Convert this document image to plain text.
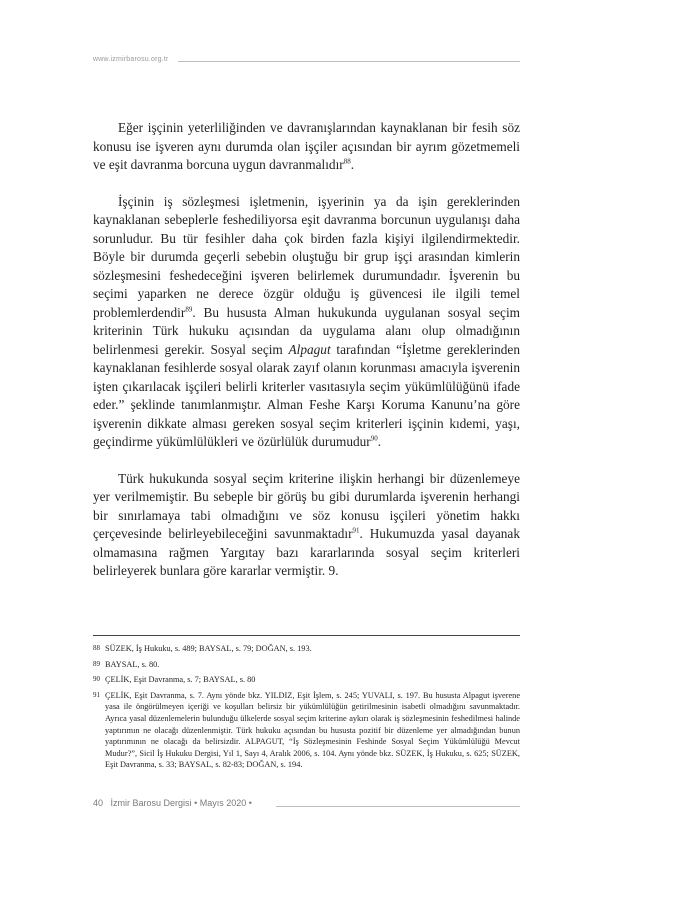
www.izmirbarosu.org.tr

Eğer işçinin yeterliliğinden ve davranışlarından kaynaklanan bir fesih söz konusu ise işveren aynı durumda olan işçiler açısından bir ayrım gözetmemeli ve eşit davranma borcuna uygun davranmalıdır$^{88}$.

İşçinin iş sözleşmesi işletmenin, işyerinin ya da işin gereklerinden kaynaklanan sebeplerle feshediliyorsa eşit davranma borcunun uygulanışı daha sorunludur. Bu tür fesihler daha çok birden fazla kişiyi ilgilendirmektedir. Böyle bir durumda geçerli sebebin oluştuğu bir grup işçi arasından kimlerin sözleşmesini feshedeceğini işveren belirlemek durumundadır. İşverenin bu seçimi yaparken ne derece özgür olduğu iş güvencesi ile ilgili temel problemlerdendir$^{89}$. Bu hususta Alman hukukunda uygulanan sosyal seçim kriterinin Türk hukuku açısından da uygulama alanı olup olmadığının belirlenmesi gerekir. Sosyal seçim Alpagut tarafından “İşletme gereklerinden kaynaklanan fesihlerde sosyal olarak zayıf olanın korunması amacıyla işverenin işten çıkarılacak işçileri belirli kriterler vasıtasıyla seçim yükümlülüğünü ifade eder.” şeklinde tanımlanmıştır. Alman Feshe Karşı Koruma Kanunu’na göre işverenin dikkate alması gereken sosyal seçim kriterleri işçinin kıdemi, yaşı, geçindirme yükümlülükleri ve özürlülük durumudur$^{90}$.

Türk hukukunda sosyal seçim kriterine ilişkin herhangi bir düzenlemeye yer verilmemiştir. Bu sebeple bir görüş bu gibi durumlarda işverenin herhangi bir sınırlamaya tabi olmadığını ve söz konusu işçileri yönetim hakkı çerçevesinde belirleyebileceğini savunmaktadır$^{91}$. Hukumuzda yasal dayanak olmamasına rağmen Yargıtay bazı kararlarında sosyal seçim kriterleri belirleyerek bunlara göre kararlar vermiştir. 9.

88 SÜZEK, İş Hukuku, s. 489; BAYSAL, s. 79; DOĞAN, s. 193.
89 BAYSAL, s. 80.
90 ÇELİK, Eşit Davranma, s. 7; BAYSAL, s. 80
91 ÇELİK, Eşit Davranma, s. 7. Aynı yönde bkz. YILDIZ, Eşit İşlem, s. 245; YUVALI, s. 197. Bu hususta Alpagut işverene yasa ile öngörülmeyen içeriği ve koşulları belirsiz bir yükümlülüğün getirilmesinin isabetli olmadığını savunmaktadır. Ayrıca yasal düzenlemelerin bulunduğu ülkelerde sosyal seçim kriterine aykırı olarak iş sözleşmesinin feshedilmesi halinde yaptırımın ne olacağı düzenlenmiştir. Türk hukuku açısından bu hususta pozitif bir düzenleme yer almadığından bunun yaptırımının ne olacağı da belirsizdir. ALPAGUT, “İş Sözleşmesinin Feshinde Sosyal Seçim Yükümlülüğü Mevcut Mudur?”, Sicil İş Hukuku Dergisi, Yıl 1, Sayı 4, Aralık 2006, s. 104. Aynı yönde bkz. SÜZEK, İş Hukuku, s. 625; SÜZEK, Eşit Davranma, s. 33; BAYSAL, s. 82-83; DOĞAN, s. 194.
40 İzmir Barosu Dergisi • Mayıs 2020 •
